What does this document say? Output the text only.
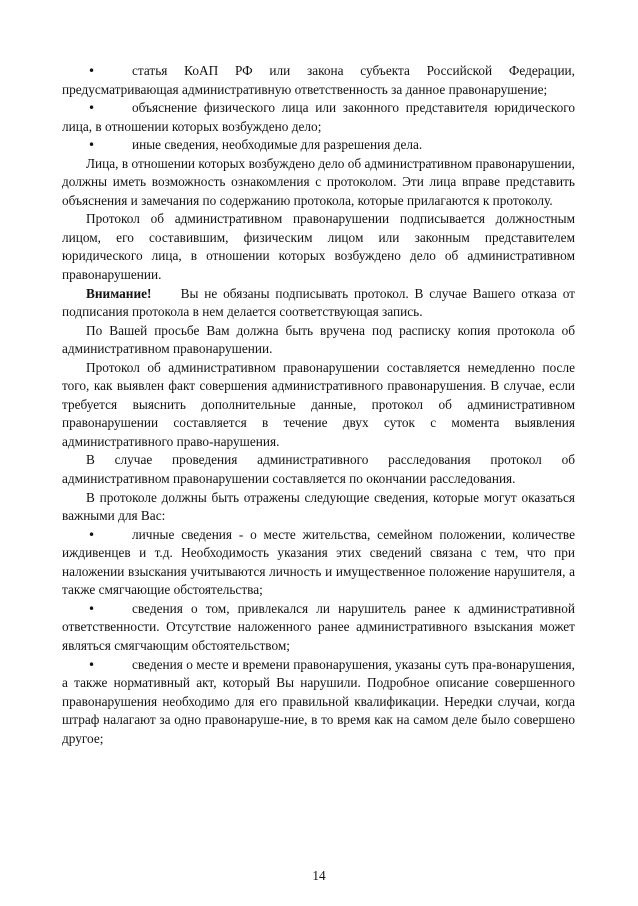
•	статья КоАП РФ или закона субъекта Российской Федерации, предусматривающая административную ответственность за данное правонарушение;
•	объяснение физического лица или законного представителя юридического лица, в отношении которых возбуждено дело;
•	иные сведения, необходимые для разрешения дела.

Лица, в отношении которых возбуждено дело об административном правонарушении, должны иметь возможность ознакомления с протоколом. Эти лица вправе представить объяснения и замечания по содержанию протокола, которые прилагаются к протоколу.

Протокол об административном правонарушении подписывается должностным лицом, его составившим, физическим лицом или законным представителем юридического лица, в отношении которых возбуждено дело об административном правонарушении.

Внимание! Вы не обязаны подписывать протокол. В случае Вашего отказа от подписания протокола в нем делается соответствующая запись.

По Вашей просьбе Вам должна быть вручена под расписку копия протокола об административном правонарушении.

Протокол об административном правонарушении составляется немедленно после того, как выявлен факт совершения административного правонарушения. В случае, если требуется выяснить дополнительные данные, протокол об административном правонарушении составляется в течение двух суток с момента выявления административного право-нарушения.

В случае проведения административного расследования протокол об административном правонарушении составляется по окончании расследования.

В протоколе должны быть отражены следующие сведения, которые могут оказаться важными для Вас:

•	личные сведения - о месте жительства, семейном положении, количестве иждивенцев и т.д. Необходимость указания этих сведений связана с тем, что при наложении взыскания учитываются личность и имущественное положение нарушителя, а также смягчающие обстоятельства;
•	сведения о том, привлекался ли нарушитель ранее к административной ответственности. Отсутствие наложенного ранее административного взыскания может являться смягчающим обстоятельством;
•	сведения о месте и времени правонарушения, указаны суть пра-вонарушения, а также нормативный акт, который Вы нарушили. Подробное описание совершенного правонарушения необходимо для его правильной квалификации. Нередки случаи, когда штраф налагают за одно правонаруше-ние, в то время как на самом деле было совершено другое;
14
